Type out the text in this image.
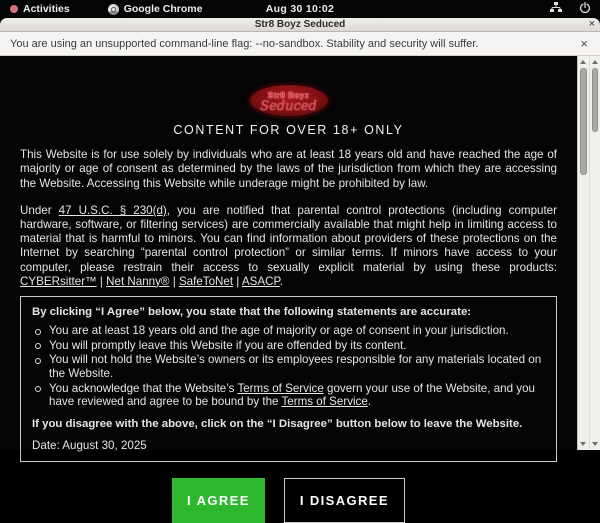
Activities	Google Chrome	Aug 30 10:02
Str8 Boyz Seduced	×
You are using an unsupported command-line flag: --no-sandbox. Stability and security will suffer.	×
Str8 Boyz
Seduced
CONTENT FOR OVER 18+ ONLY

This Website is for use solely by individuals who are at least 18 years old and have reached the age of majority or age of consent as determined by the laws of the jurisdiction from which they are accessing the Website. Accessing this Website while underage might be prohibited by law.

Under 47 U.S.C. § 230(d), you are notified that parental control protections (including computer hardware, software, or filtering services) are commercially available that might help in limiting access to material that is harmful to minors. You can find information about providers of these protections on the Internet by searching “parental control protection” or similar terms. If minors have access to your computer, please restrain their access to sexually explicit material by using these products: CYBERsitter™ | Net Nanny® | SafeToNet | ASACP.

By clicking “I Agree” below, you state that the following statements are accurate:
You are at least 18 years old and the age of majority or age of consent in your jurisdiction.
You will promptly leave this Website if you are offended by its content.
You will not hold the Website’s owners or its employees responsible for any materials located on the Website.
You acknowledge that the Website’s Terms of Service govern your use of the Website, and you have reviewed and agree to be bound by the Terms of Service.
If you disagree with the above, click on the “I Disagree” button below to leave the Website.
Date: August 30, 2025
I AGREE	I DISAGREE
